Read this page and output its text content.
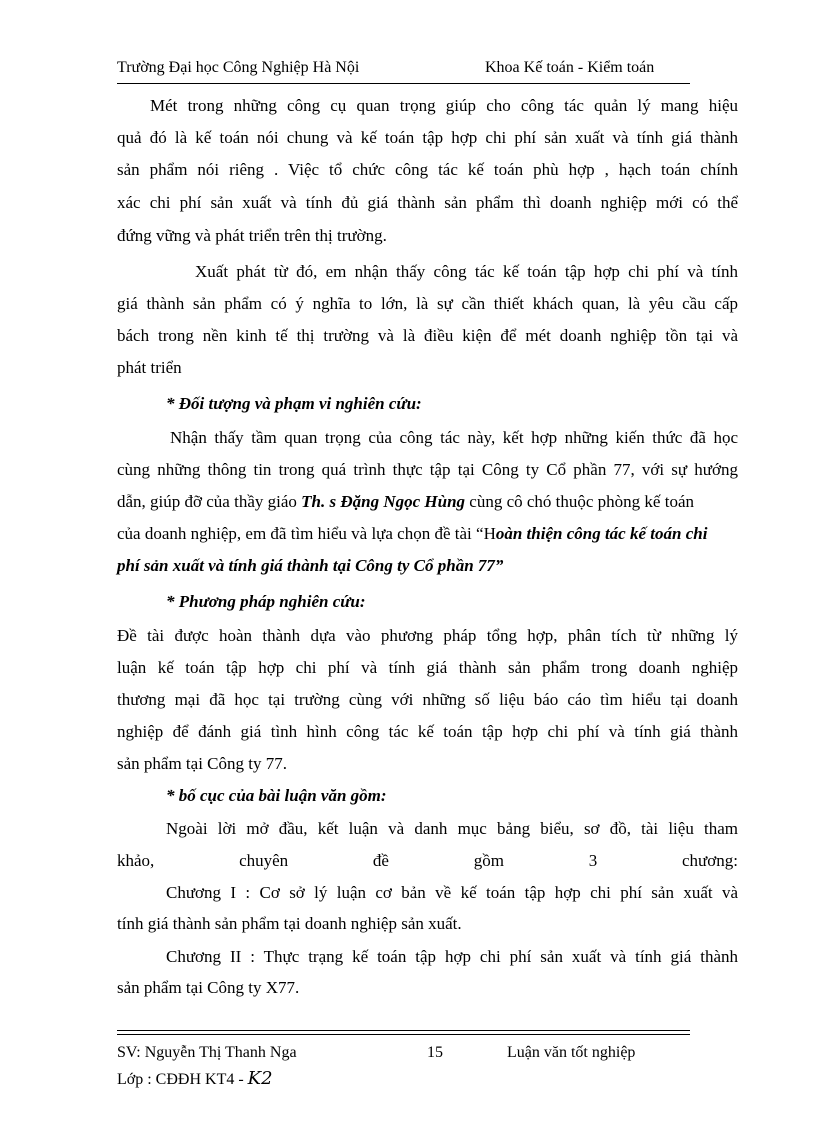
Trường Đại học Công Nghiệp Hà Nội	Khoa Kế toán - Kiểm toán
Mét trong những công cụ quan trọng giúp cho công tác quản lý mang hiệu
quả đó là kế toán nói chung và kế toán tập hợp chi phí sản xuất và tính giá thành
sản phẩm nói riêng . Việc tổ chức công tác kế toán phù hợp , hạch toán chính
xác chi phí sản xuất và tính đủ giá thành sản phẩm thì doanh nghiệp mới có thể
đứng vững và phát triển trên thị trường.
Xuất phát từ đó, em nhận thấy công tác kế toán tập hợp chi phí và tính
giá thành sản phẩm có ý nghĩa to lớn, là sự cần thiết khách quan, là yêu cầu cấp
bách trong nền kinh tế thị trường và là điều kiện để mét doanh nghiệp tồn tại và
phát triển
* Đối tượng và phạm vi nghiên cứu:
Nhận thấy tầm quan trọng của công tác này, kết hợp những kiến thức đã học
cùng những thông tin trong quá trình thực tập tại Công ty Cổ phần 77, với sự hướng
dẫn, giúp đỡ của thầy giáo Th. s Đặng Ngọc Hùng cùng cô chó thuộc phòng kế toán
của doanh nghiệp, em đã tìm hiểu và lựa chọn đề tài “Hoàn thiện công tác kế toán chi
phí sản xuất và tính giá thành tại Công ty Cổ phần 77”
* Phương pháp nghiên cứu:
Đề tài được hoàn thành dựa vào phương pháp tổng hợp, phân tích từ những lý
luận kế toán tập hợp chi phí và tính giá thành sản phẩm trong doanh nghiệp
thương mại đã học tại trường cùng với những số liệu báo cáo tìm hiểu tại doanh
nghiệp để đánh giá tình hình công tác kế toán tập hợp chi phí và tính giá thành
sản phẩm tại Công ty 77.
* bố cục của bài luận văn gồm:
Ngoài lời mở đầu, kết luận và danh mục bảng biểu, sơ đồ, tài liệu tham
khảo,	chuyên	đề	gồm	3	chương:
Chương I : Cơ sở lý luận cơ bản về kế toán tập hợp chi phí sản xuất và
tính giá thành sản phẩm tại doanh nghiệp sản xuất.
Chương II : Thực trạng kế toán tập hợp chi phí sản xuất và tính giá thành
sản phẩm tại Công ty X77.
SV: Nguyễn Thị Thanh Nga	15	Luận văn tốt nghiệp
Lớp : CĐĐH KT4 - K2
